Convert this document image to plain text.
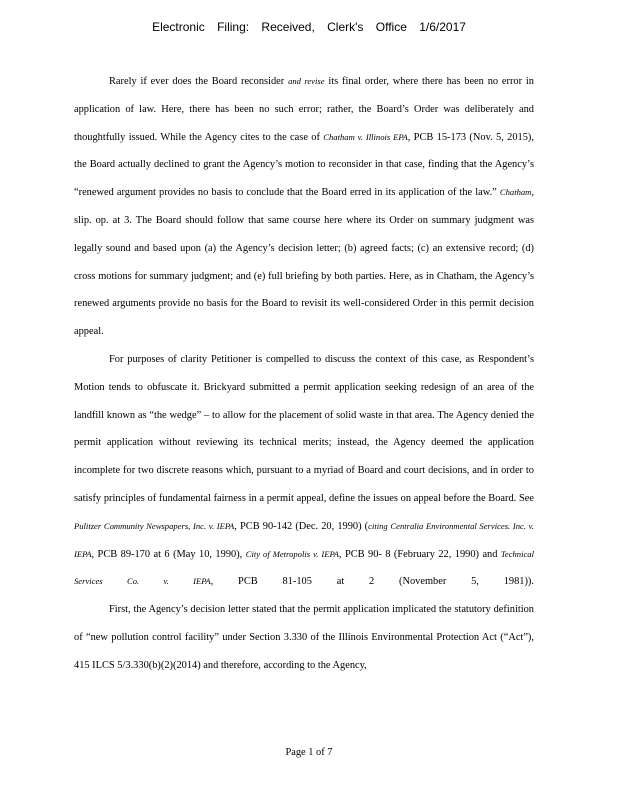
Electronic Filing: Received, Clerk's Office 1/6/2017

Rarely if ever does the Board reconsider and revise its final order, where there has been no error in application of law. Here, there has been no such error; rather, the Board’s Order was deliberately and thoughtfully issued. While the Agency cites to the case of Chatham v. Illinois EPA, PCB 15-173 (Nov. 5, 2015), the Board actually declined to grant the Agency’s motion to reconsider in that case, finding that the Agency’s “renewed argument provides no basis to conclude that the Board erred in its application of the law.” Chatham, slip. op. at 3. The Board should follow that same course here where its Order on summary judgment was legally sound and based upon (a) the Agency’s decision letter; (b) agreed facts; (c) an extensive record; (d) cross motions for summary judgment; and (e) full briefing by both parties. Here, as in Chatham, the Agency’s renewed arguments provide no basis for the Board to revisit its well-considered Order in this permit decision appeal.

For purposes of clarity Petitioner is compelled to discuss the context of this case, as Respondent’s Motion tends to obfuscate it. Brickyard submitted a permit application seeking redesign of an area of the landfill known as “the wedge” – to allow for the placement of solid waste in that area. The Agency denied the permit application without reviewing its technical merits; instead, the Agency deemed the application incomplete for two discrete reasons which, pursuant to a myriad of Board and court decisions, and in order to satisfy principles of fundamental fairness in a permit appeal, define the issues on appeal before the Board. See Pulitzer Community Newspapers, Inc. v. IEPA, PCB 90-142 (Dec. 20, 1990) (citing Centralia Environmental Services. Inc. v. IEPA, PCB 89-170 at 6 (May 10, 1990), City of Metropolis v. IEPA, PCB 90- 8 (February 22, 1990) and Technical Services Co. v. IEPA, PCB 81-105 at 2 (November 5, 1981)).

First, the Agency’s decision letter stated that the permit application implicated the statutory definition of “new pollution control facility” under Section 3.330 of the Illinois Environmental Protection Act (“Act”), 415 ILCS 5/3.330(b)(2)(2014) and therefore, according to the Agency,

Page 1 of 7
